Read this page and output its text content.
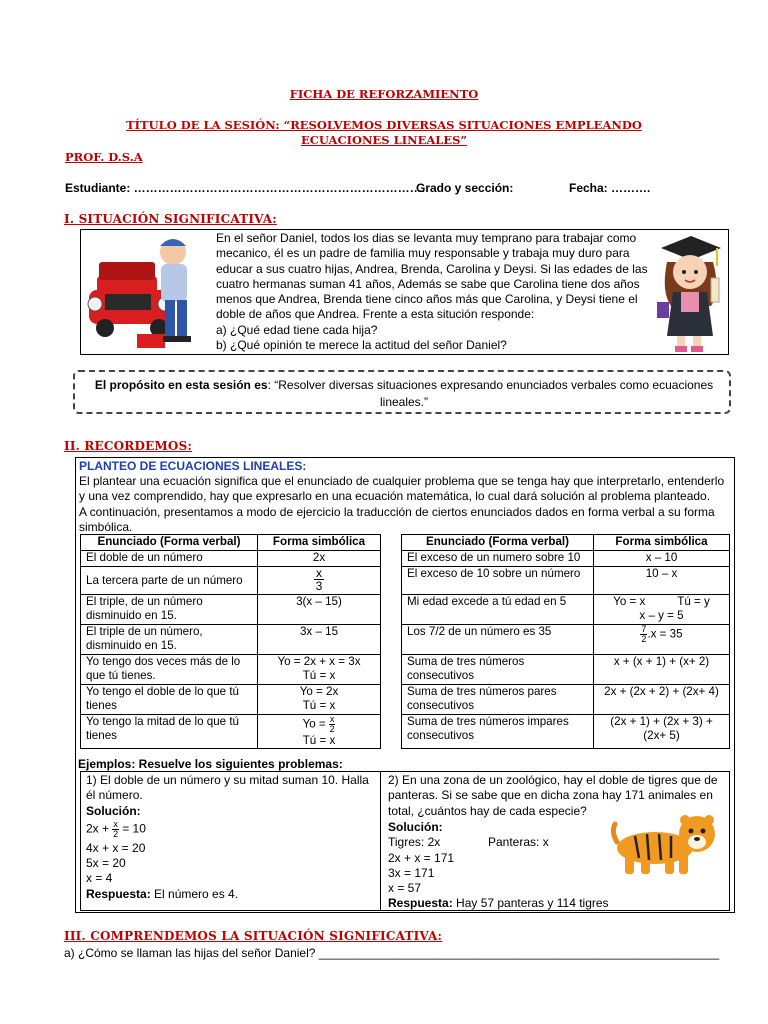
FICHA DE REFORZAMIENTO
TÍTULO DE LA SESIÓN: “RESOLVEMOS DIVERSAS SITUACIONES EMPLEANDO
ECUACIONES LINEALES”
PROF. D.S.A
Estudiante: ……………………………………………………………….
Grado y sección:	Fecha: ……….
I. SITUACIÓN SIGNIFICATIVA:
En el señor Daniel, todos los dias se levanta muy temprano para trabajar como
mecanico, él es un padre de familia muy responsable y trabaja muy duro para
educar a sus cuatro hijas, Andrea, Brenda, Carolina y Deysi. Si las edades de las
cuatro hermanas suman 41 años, Además se sabe que Carolina tiene dos años
menos que Andrea, Brenda tiene cinco años más que Carolina, y Deysi tiene el
doble de años que Andrea. Frente a esta situción responde:
a) ¿Qué edad tiene cada hija?
b) ¿Qué opinión te merece la actitud del señor Daniel?
El propósito en esta sesión es: “Resolver diversas situaciones expresando enunciados verbales como ecuaciones
lineales.”
II. RECORDEMOS:
PLANTEO DE ECUACIONES LINEALES:
El plantear una ecuación significa que el enunciado de cualquier problema que se tenga hay que interpretarlo, entenderlo
y una vez comprendido, hay que expresarlo en una ecuación matemática, lo cual dará solución al problema planteado.
A continuación, presentamos a modo de ejercicio la traducción de ciertos enunciados dados en forma verbal a su forma
simbólica.
Enunciado (Forma verbal)	Forma simbólica
El doble de un número	2x
La tercera parte de un número	$\frac{x}{3}$

El triple, de un número disminuido en 15.	3(x – 15)
El triple de un número, disminuido en 15.	3x – 15
Yo tengo dos veces más de lo que tú tienes.	Yo = 2x + x = 3x
Tú = x

Yo tengo el doble de lo que tú tienes	Yo = 2x
Tú = x

Yo tengo la mitad de lo que tú tienes	$Yo = \frac{x}{2}$
Tú = x
Enunciado (Forma verbal)	Forma simbólica
El exceso de un numero sobre 10	x – 10
El exceso de 10 sobre un número	10 – x
Mi edad excede a tú edad en 5	Yo = x          Tú = y
x – y = 5

Los 7/2 de un número es 35	$\frac{7}{2} .x = 35$
Suma de tres números consecutivos	x + (x + 1) + (x+ 2)
Suma de tres números pares consecutivos	2x + (2x + 2) + (2x+ 4)
Suma de tres números impares consecutivos	(2x + 1) + (2x + 3) +
(2x+ 5)
Ejemplos: Resuelve los siguientes problemas:
1) El doble de un número y su mitad suman 10. Halla él número.
Solución:
$2x + \frac{x}{2} = 10$
4x + x = 20
5x = 20
x = 4
Respuesta: El número es 4.
2) En una zona de un zoológico, hay el doble de tigres que de panteras. Si se sabe que en dicha zona hay 171 animales en total, ¿cuántos hay de cada especie?
Solución:
Tigres: 2x	Panteras: x
2x + x = 171
3x = 171
x = 57
Respuesta: Hay 57 panteras y 114 tigres
III. COMPRENDEMOS LA SITUACIÓN SIGNIFICATIVA:
a) ¿Cómo se llaman las hijas del señor Daniel? ____________________________________________________________
